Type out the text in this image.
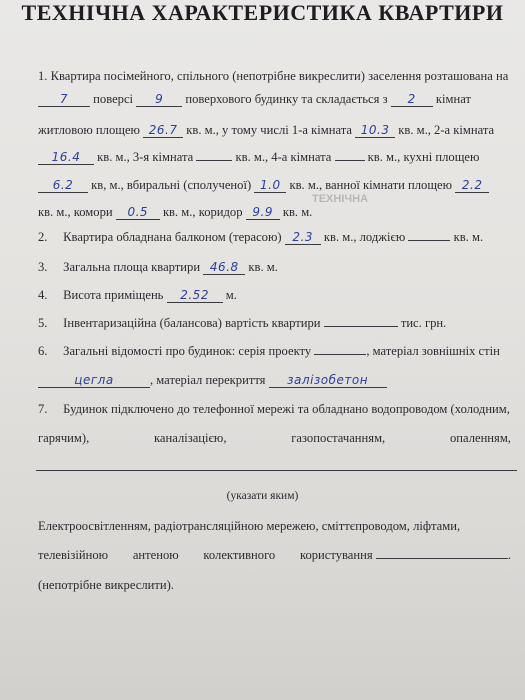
ТЕХНІЧНА ХАРАКТЕРИСТИКА КВАРТИРИ
1. Квартира посімейного, спільного (непотрібне викреслити) заселення розташована на
7 поверсі 9 поверхового будинку та складається з 2 кімнат
житловою площею 26.7 кв. м., у тому числі 1-а кімната 10.3 кв. м., 2-а кімната
16.4 кв. м., 3-я кімната	кв. м., 4-а кімната	кв. м., кухні площею
6.2 кв, м., вбиральні (сполученої) 1.0 кв. м., ванної кімнати площею 2.2
ТЕХНІЧНА
кв. м., комори 0.5 кв. м., коридор 9.9 кв. м.
2. Квартира обладнана балконом (терасою) 2.3 кв. м., лоджією	кв. м.
3. Загальна площа квартири 46.8 кв. м.
4. Висота приміщень 2.52 м.
5. Інвентаризаційна (балансова) вартість квартири	тис. грн.
6. Загальні відомості про будинок: серія проекту	, матеріал зовнішніх стін
цегла	, матеріал перекриття залізобетон
7. Будинок підключено до телефонної мережі та обладнано водопроводом (холодним,
гарячим),	каналізацією,	газопостачанням,	опаленням,
(указати яким)
Електроосвітленням, радіотрансляційною мережею, сміттєпроводом, ліфтами,
телевізійною антеною колективного користування	.
(непотрібне викреслити).
